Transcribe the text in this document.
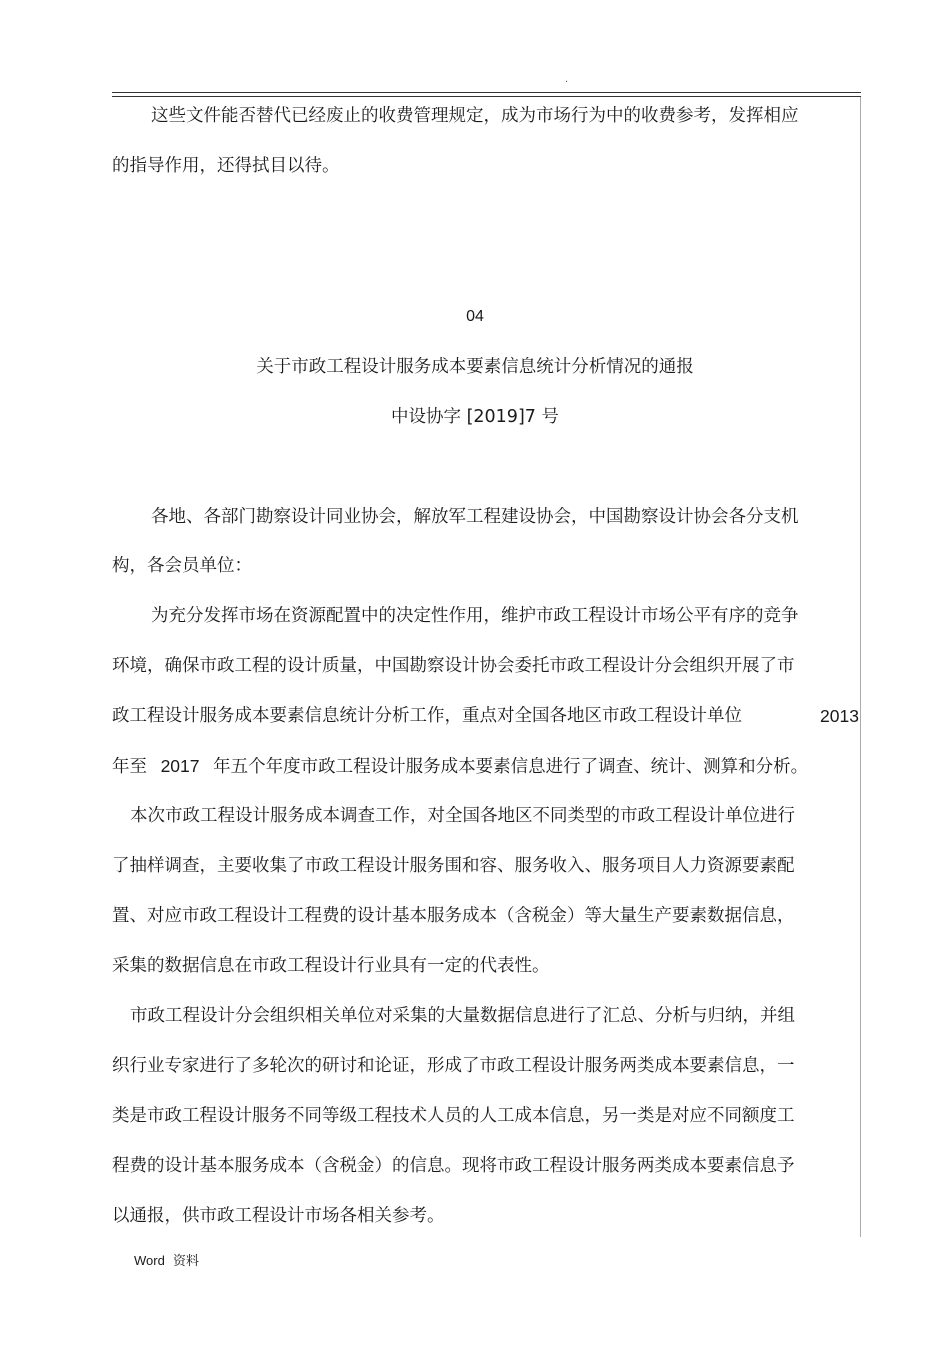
.
这些文件能否替代已经废止的收费管理规定，成为市场行为中的收费参考，发挥相应
的指导作用，还得拭目以待。
04
关于市政工程设计服务成本要素信息统计分析情况的通报
中设协字 [2019]7 号
各地、各部门勘察设计同业协会，解放军工程建设协会，中国勘察设计协会各分支机
构，各会员单位：
为充分发挥市场在资源配置中的决定性作用，维护市政工程设计市场公平有序的竞争
环境，确保市政工程的设计质量，中国勘察设计协会委托市政工程设计分会组织开展了市
政工程设计服务成本要素信息统计分析工作，重点对全国各地区市政工程设计单位	2013
年至 2017 年五个年度市政工程设计服务成本要素信息进行了调查、统计、测算和分析。
本次市政工程设计服务成本调查工作，对全国各地区不同类型的市政工程设计单位进行
了抽样调查，主要收集了市政工程设计服务围和容、服务收入、服务项目人力资源要素配
置、对应市政工程设计工程费的设计基本服务成本（含税金）等大量生产要素数据信息，
采集的数据信息在市政工程设计行业具有一定的代表性。
市政工程设计分会组织相关单位对采集的大量数据信息进行了汇总、分析与归纳，并组
织行业专家进行了多轮次的研讨和论证，形成了市政工程设计服务两类成本要素信息，一
类是市政工程设计服务不同等级工程技术人员的人工成本信息，另一类是对应不同额度工
程费的设计基本服务成本（含税金）的信息。现将市政工程设计服务两类成本要素信息予
以通报，供市政工程设计市场各相关参考。
Word 资料
